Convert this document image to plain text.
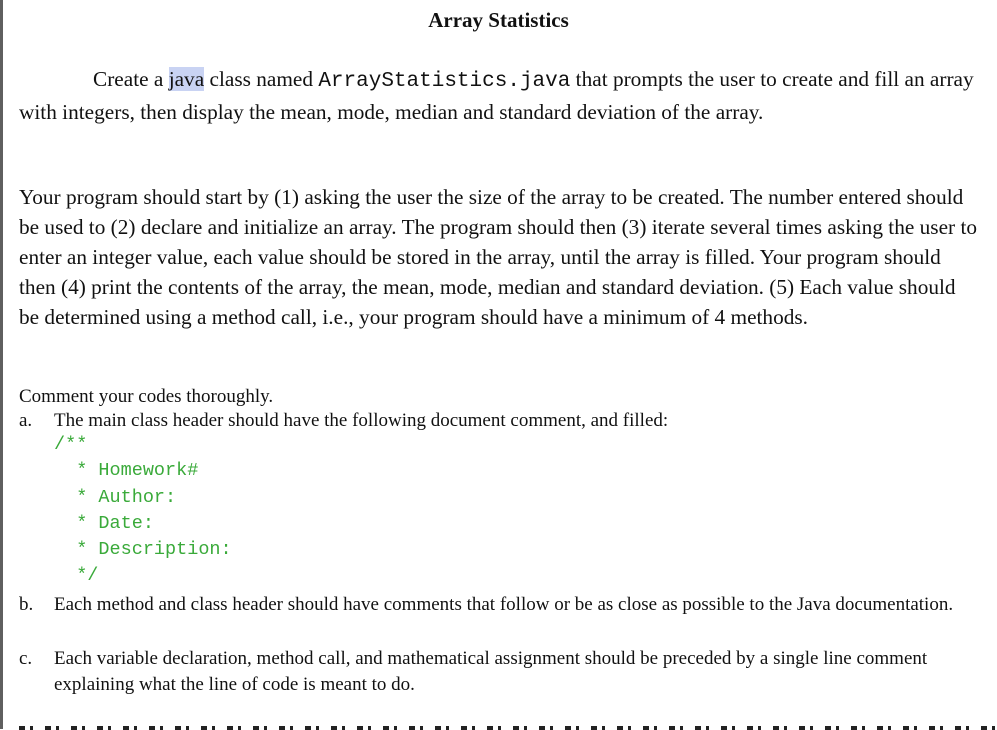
Array Statistics

Create a java class named ArrayStatistics.java that prompts the user to create and fill an array with integers, then display the mean, mode, median and standard deviation of the array.

Your program should start by (1) asking the user the size of the array to be created. The number entered should be used to (2) declare and initialize an array. The program should then (3) iterate several times asking the user to enter an integer value, each value should be stored in the array, until the array is filled. Your program should then (4) print the contents of the array, the mean, mode, median and standard deviation. (5) Each value should be determined using a method call, i.e., your program should have a minimum of 4 methods.

Comment your codes thoroughly.

a. The main class header should have the following document comment, and filled:
/**
* Homework#
* Author:
* Date:
* Description:
*/
b. Each method and class header should have comments that follow or be as close as possible to the Java documentation.
c. Each variable declaration, method call, and mathematical assignment should be preceded by a single line comment explaining what the line of code is meant to do.
